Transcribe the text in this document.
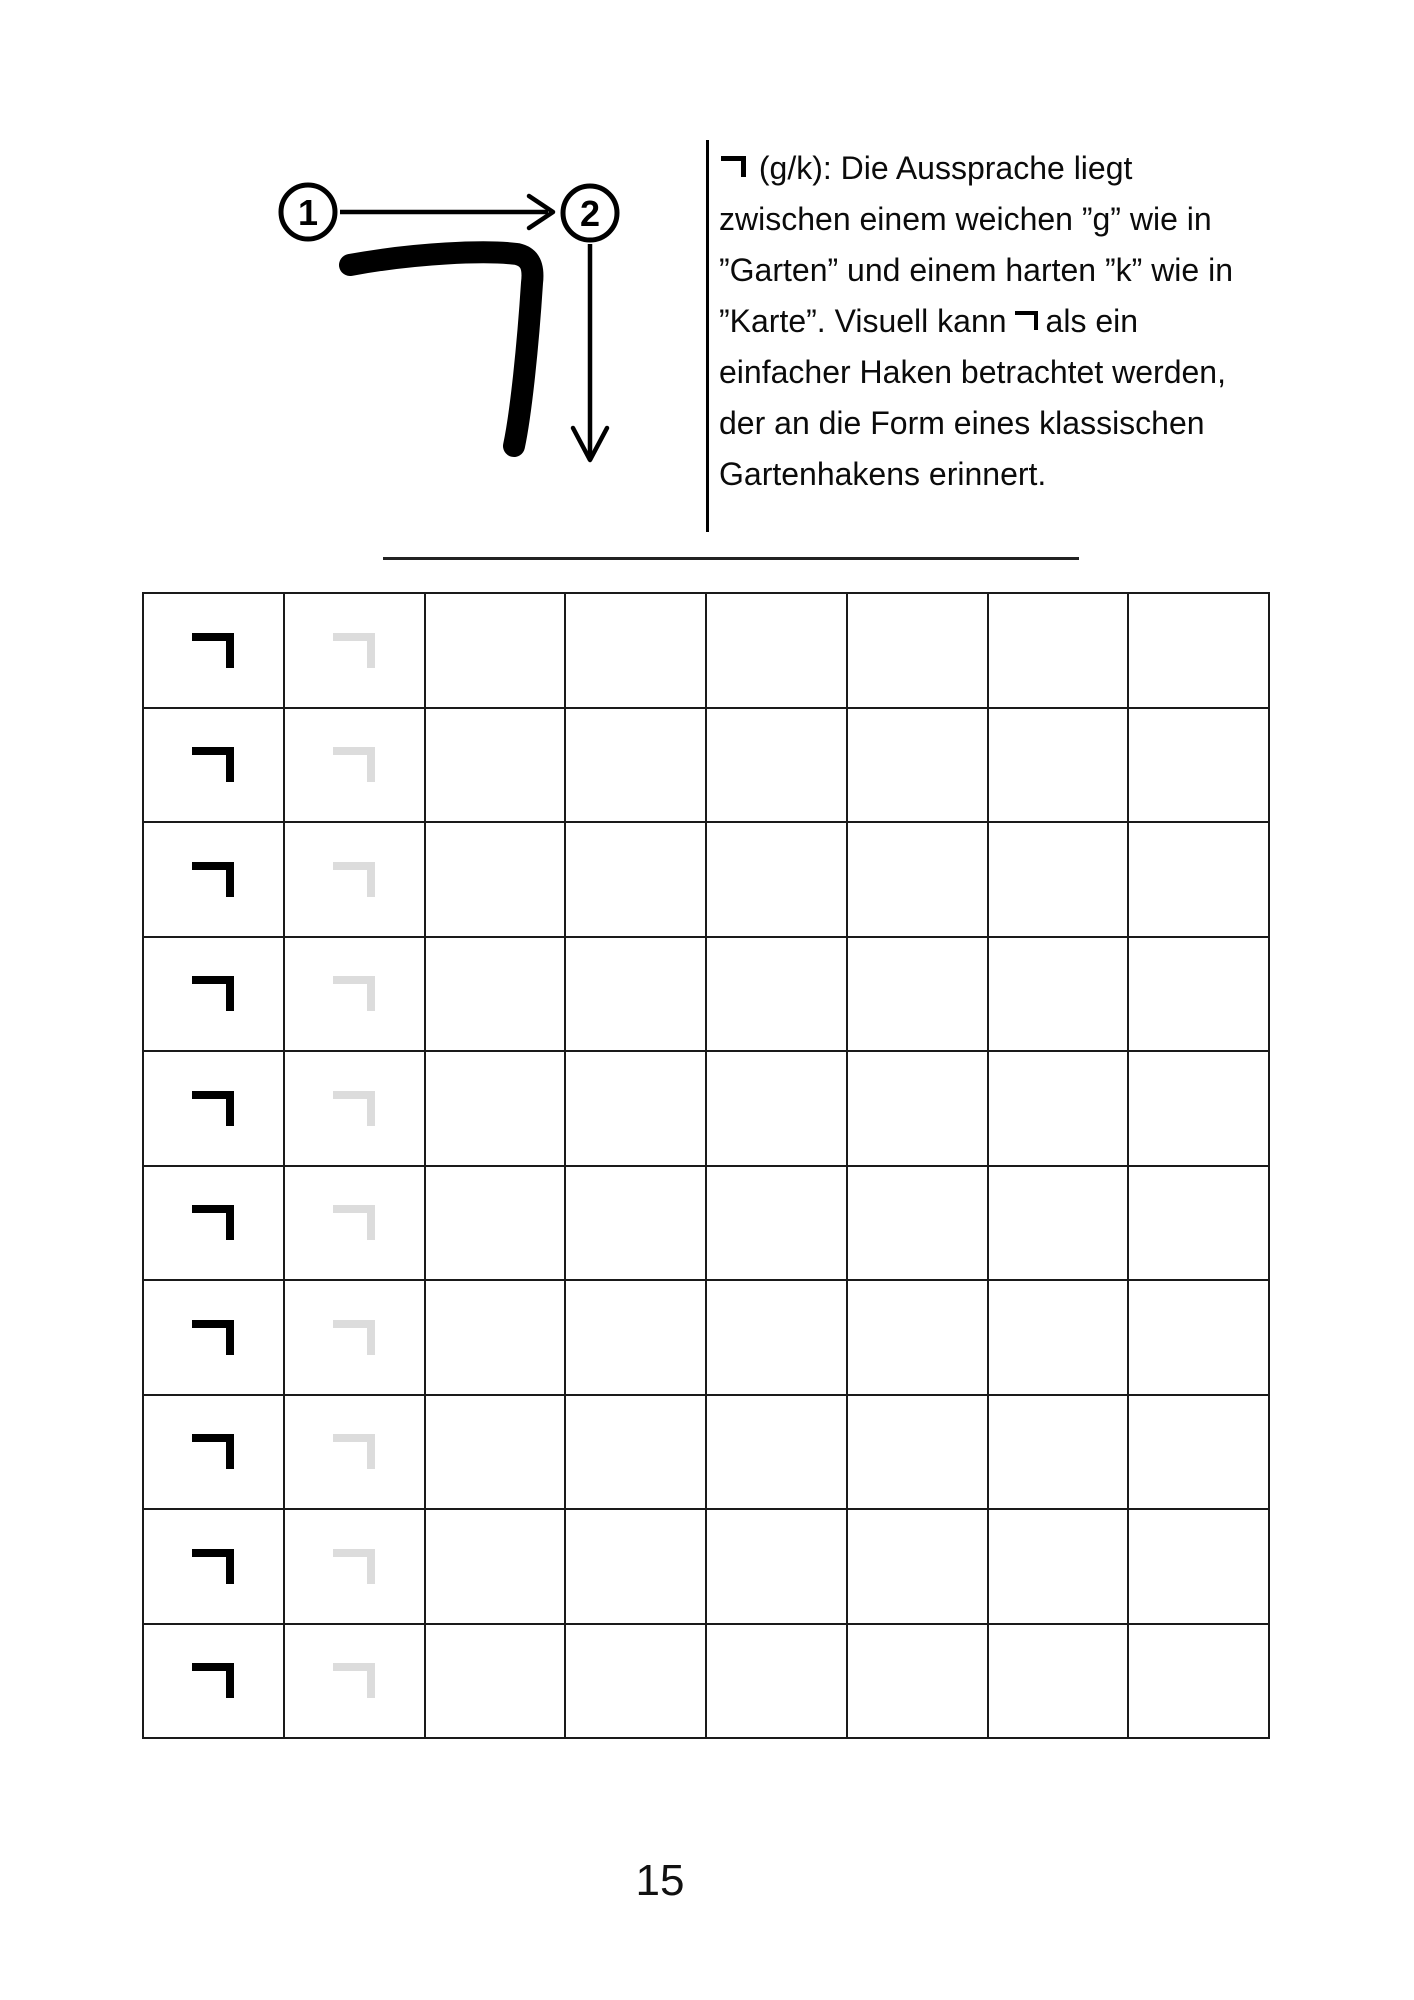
1	2
(g/k): Die Aussprache liegt
zwischen einem weichen ”g” wie in
”Garten” und einem harten ”k” wie in
”Karte”. Visuell kann als ein
einfacher Haken betrachtet werden,
der an die Form eines klassischen
Gartenhakens erinnert.
15
